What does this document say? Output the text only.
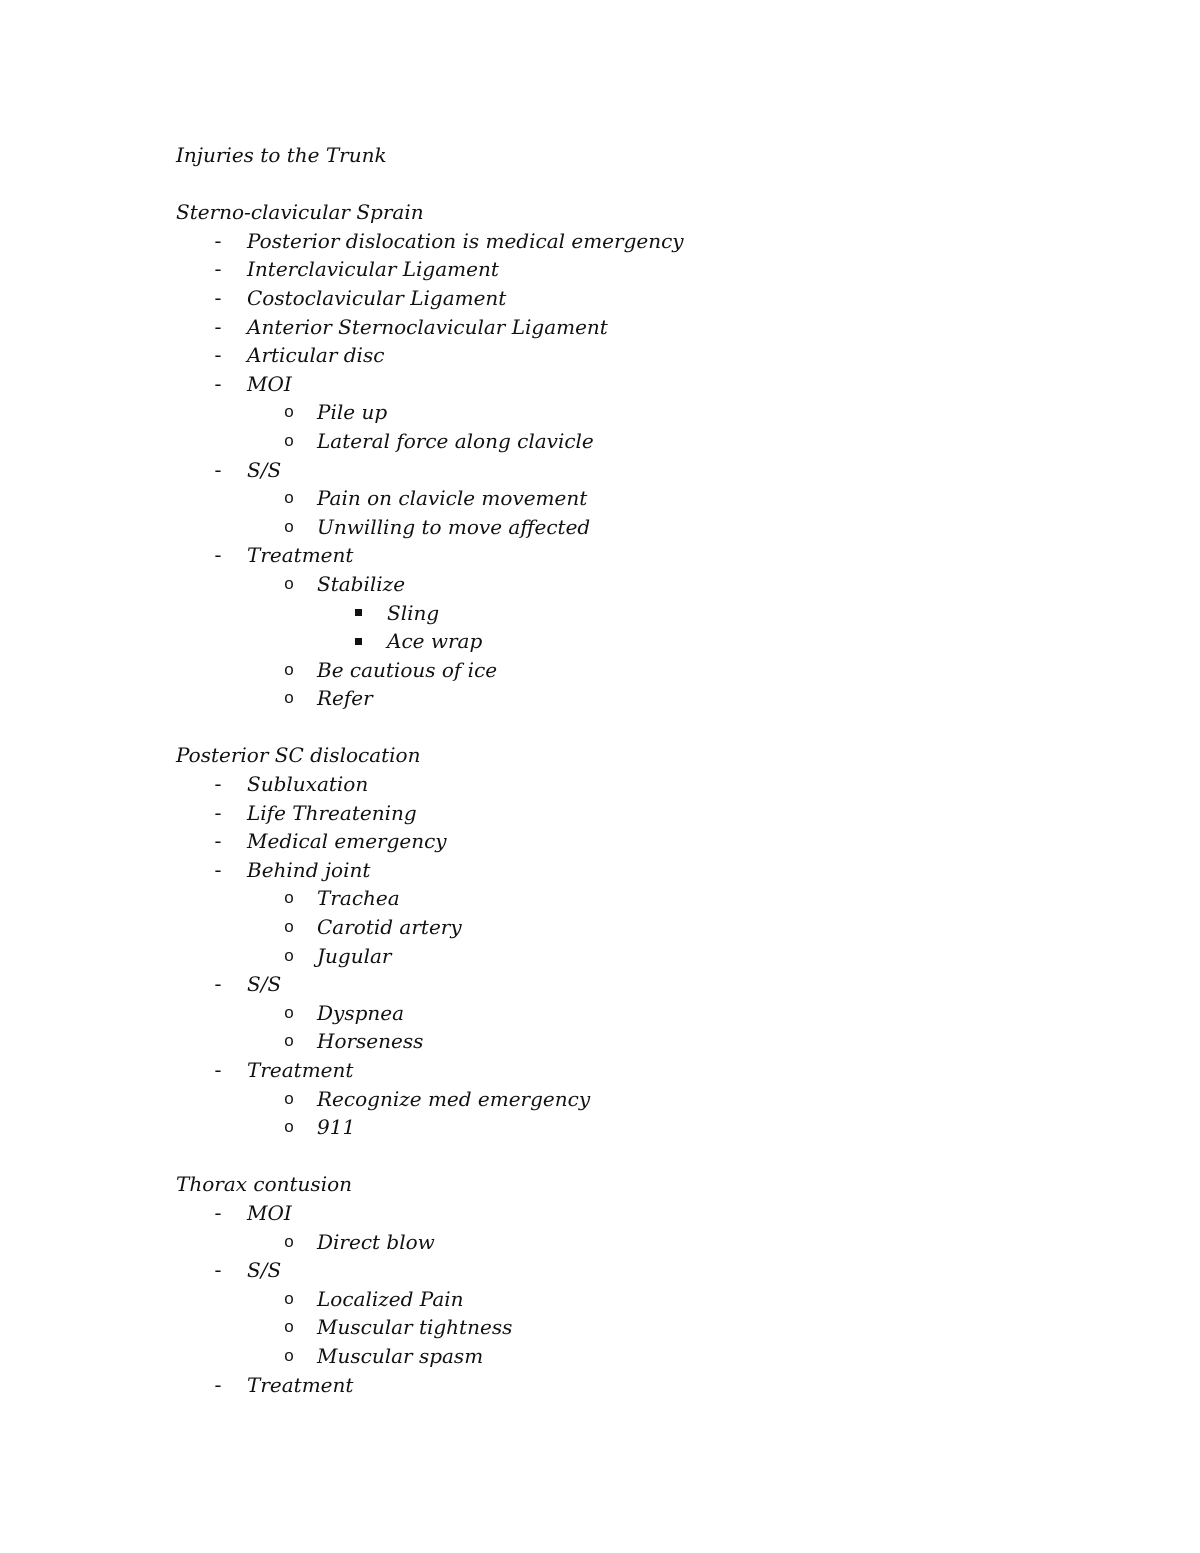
Injuries to the Trunk
Sterno-clavicular Sprain
-	Posterior dislocation is medical emergency
-	Interclavicular Ligament
-	Costoclavicular Ligament
-	Anterior Sternoclavicular Ligament
-	Articular disc
-	MOI
o Pile up
o Lateral force along clavicle
-	S/S
o Pain on clavicle movement
o Unwilling to move affected
-	Treatment
o Stabilize
Sling
Ace wrap
o Be cautious of ice
o Refer
Posterior SC dislocation
-	Subluxation
-	Life Threatening
-	Medical emergency
-	Behind joint
o Trachea
o Carotid artery
o Jugular
-	S/S
o Dyspnea
o Horseness
-	Treatment
o Recognize med emergency
o 911
Thorax contusion
-	MOI
o Direct blow
-	S/S
o Localized Pain
o Muscular tightness
o Muscular spasm
-	Treatment
